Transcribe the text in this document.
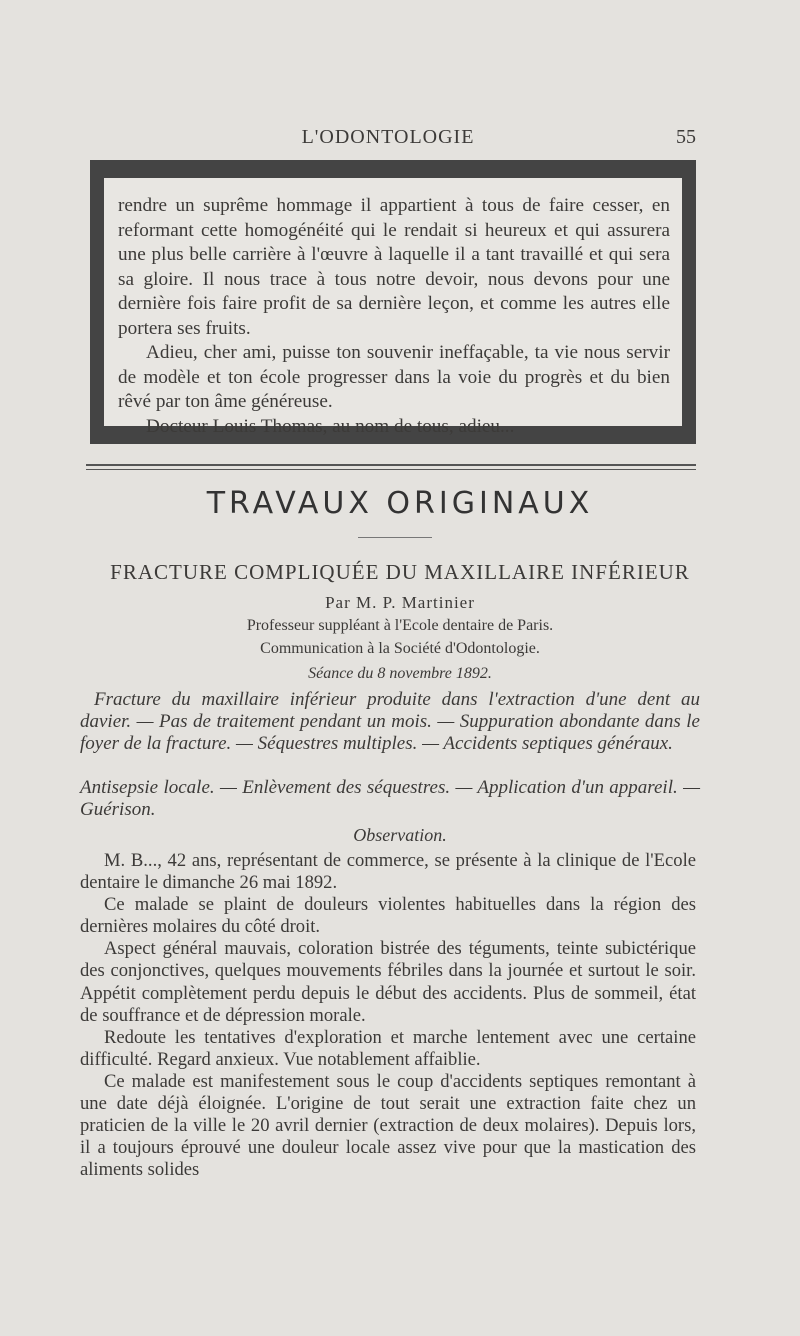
L'ODONTOLOGIE	55

rendre un suprême hommage il appartient à tous de faire cesser, en reformant cette homogénéité qui le rendait si heureux et qui assurera une plus belle carrière à l'œuvre à laquelle il a tant travaillé et qui sera sa gloire. Il nous trace à tous notre devoir, nous devons pour une dernière fois faire profit de sa dernière leçon, et comme les autres elle portera ses fruits.

Adieu, cher ami, puisse ton souvenir ineffaçable, ta vie nous servir de modèle et ton école progresser dans la voie du progrès et du bien rêvé par ton âme généreuse.

Docteur Louis Thomas, au nom de tous, adieu...

TRAVAUX ORIGINAUX
FRACTURE COMPLIQUÉE DU MAXILLAIRE INFÉRIEUR
Par M. P. Martinier
Professeur suppléant à l'Ecole dentaire de Paris.
Communication à la Société d'Odontologie.
Séance du 8 novembre 1892.

Fracture du maxillaire inférieur produite dans l'extraction d'une dent au davier. — Pas de traitement pendant un mois. — Suppuration abondante dans le foyer de la fracture. — Séquestres multiples. — Accidents septiques généraux.

Antisepsie locale. — Enlèvement des séquestres. — Application d'un appareil. — Guérison.

Observation.

M. B..., 42 ans, représentant de commerce, se présente à la clinique de l'Ecole dentaire le dimanche 26 mai 1892.

Ce malade se plaint de douleurs violentes habituelles dans la région des dernières molaires du côté droit.

Aspect général mauvais, coloration bistrée des téguments, teinte subictérique des conjonctives, quelques mouvements fébriles dans la journée et surtout le soir. Appétit complètement perdu depuis le début des accidents. Plus de sommeil, état de souffrance et de dépression morale.

Redoute les tentatives d'exploration et marche lentement avec une certaine difficulté. Regard anxieux. Vue notablement affaiblie.

Ce malade est manifestement sous le coup d'accidents septiques remontant à une date déjà éloignée. L'origine de tout serait une extraction faite chez un praticien de la ville le 20 avril dernier (extraction de deux molaires). Depuis lors, il a toujours éprouvé une douleur locale assez vive pour que la mastication des aliments solides
